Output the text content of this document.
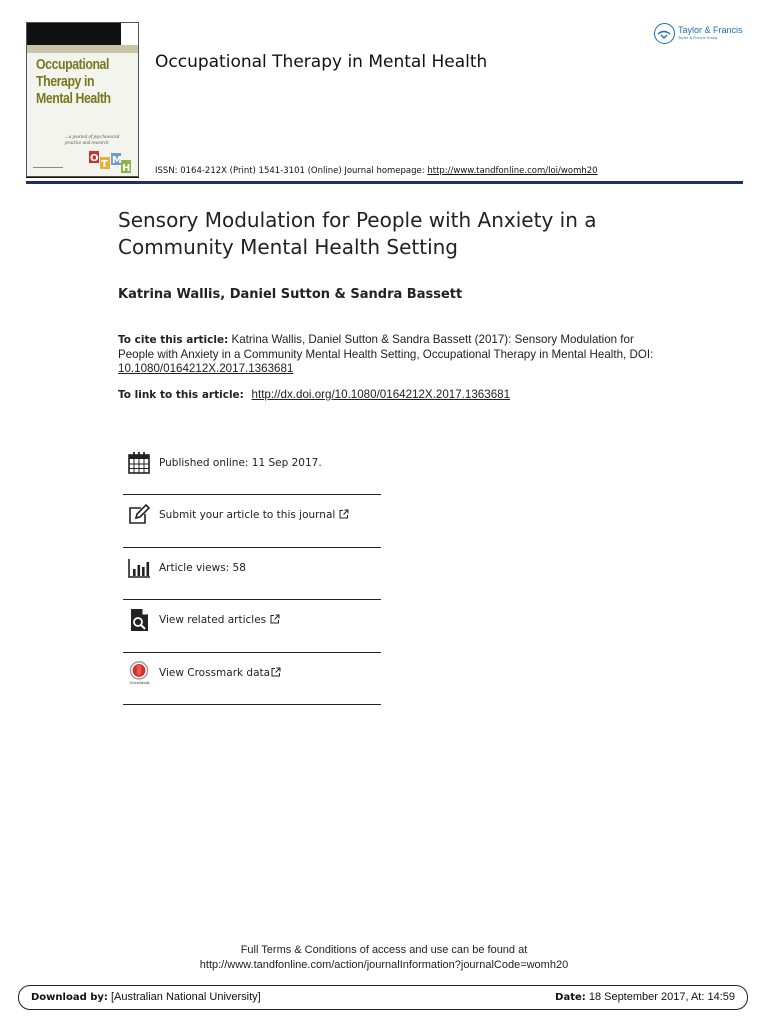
Occupational
Therapy in
Mental Health
...a journal of psychosocial practice and research
O
T M
H
Occupational Therapy in Mental Health
ISSN: 0164-212X (Print) 1541-3101 (Online) Journal homepage: http://www.tandfonline.com/loi/womh20
Taylor & Francis
Taylor & Francis Group
Sensory Modulation for People with Anxiety in a Community Mental Health Setting
Katrina Wallis, Daniel Sutton & Sandra Bassett
To cite this article: Katrina Wallis, Daniel Sutton & Sandra Bassett (2017): Sensory Modulation for People with Anxiety in a Community Mental Health Setting, Occupational Therapy in Mental Health, DOI: 10.1080/0164212X.2017.1363681
To link to this article: http://dx.doi.org/10.1080/0164212X.2017.1363681
Published online: 11 Sep 2017.
Submit your article to this journal
Article views: 58
View related articles
CrossMark
View Crossmark data
Full Terms & Conditions of access and use can be found at
http://www.tandfonline.com/action/journalInformation?journalCode=womh20
Download by: [Australian National University]	Date: 18 September 2017, At: 14:59
